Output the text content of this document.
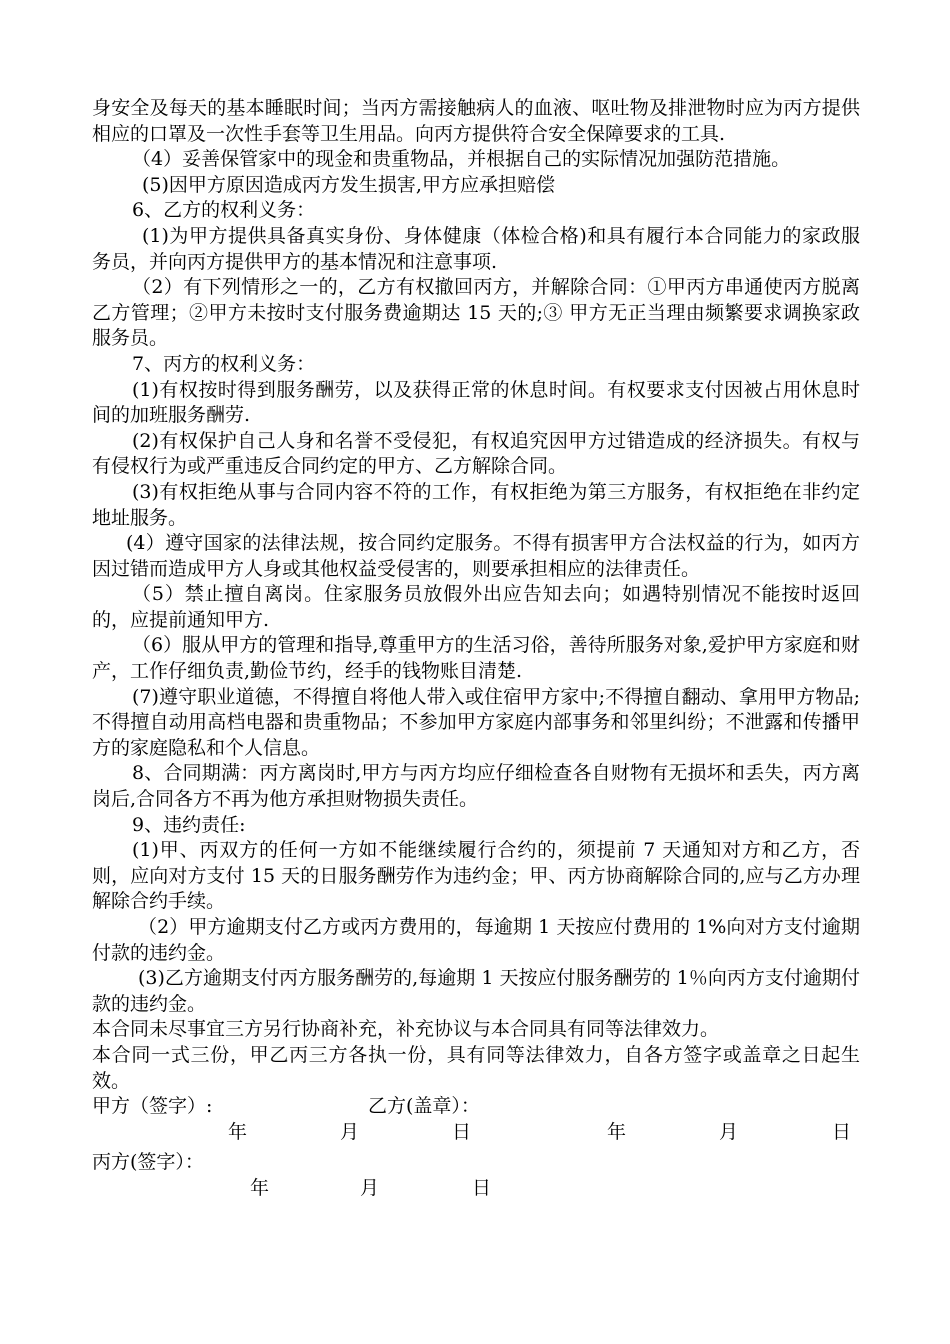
身安全及每天的基本睡眠时间；当丙方需接触病人的血液、呕吐物及排泄物时应为丙方提供相应的口罩及一次性手套等卫生用品。向丙方提供符合安全保障要求的工具.

（4）妥善保管家中的现金和贵重物品，并根据自己的实际情况加强防范措施。

(5)因甲方原因造成丙方发生损害,甲方应承担赔偿

6、乙方的权利义务：

(1)为甲方提供具备真实身份、身体健康（体检合格)和具有履行本合同能力的家政服务员，并向丙方提供甲方的基本情况和注意事项.

（2）有下列情形之一的，乙方有权撤回丙方，并解除合同：①甲丙方串通使丙方脱离乙方管理；②甲方未按时支付服务费逾期达 15 天的;③ 甲方无正当理由频繁要求调换家政服务员。

7、丙方的权利义务：

(1)有权按时得到服务酬劳，以及获得正常的休息时间。有权要求支付因被占用休息时间的加班服务酬劳.

(2)有权保护自己人身和名誉不受侵犯，有权追究因甲方过错造成的经济损失。有权与有侵权行为或严重违反合同约定的甲方、乙方解除合同。

(3)有权拒绝从事与合同内容不符的工作，有权拒绝为第三方服务，有权拒绝在非约定地址服务。

(4）遵守国家的法律法规，按合同约定服务。不得有损害甲方合法权益的行为，如丙方因过错而造成甲方人身或其他权益受侵害的，则要承担相应的法律责任。

（5）禁止擅自离岗。住家服务员放假外出应告知去向；如遇特别情况不能按时返回的，应提前通知甲方.

（6）服从甲方的管理和指导,尊重甲方的生活习俗，善待所服务对象,爱护甲方家庭和财产，工作仔细负责,勤俭节约，经手的钱物账目清楚.

(7)遵守职业道德，不得擅自将他人带入或住宿甲方家中;不得擅自翻动、拿用甲方物品;不得擅自动用高档电器和贵重物品；不参加甲方家庭内部事务和邻里纠纷；不泄露和传播甲方的家庭隐私和个人信息。

8、合同期满：丙方离岗时,甲方与丙方均应仔细检查各自财物有无损坏和丢失，丙方离岗后,合同各方不再为他方承担财物损失责任。

9、违约责任:

(1)甲、丙双方的任何一方如不能继续履行合约的，须提前 7 天通知对方和乙方，否则，应向对方支付 15 天的日服务酬劳作为违约金；甲、丙方协商解除合同的,应与乙方办理解除合约手续。

（2）甲方逾期支付乙方或丙方费用的，每逾期 1 天按应付费用的 1%向对方支付逾期付款的违约金。

(3)乙方逾期支付丙方服务酬劳的,每逾期 1 天按应付服务酬劳的 1％向丙方支付逾期付款的违约金。

本合同未尽事宜三方另行协商补充，补充协议与本合同具有同等法律效力。

本合同一式三份，甲乙丙三方各执一份，具有同等法律效力，自各方签字或盖章之日起生效。

甲方（签字）:	乙方(盖章）：
年	月	日	年	月	日
丙方(签字）：
年	月	日
